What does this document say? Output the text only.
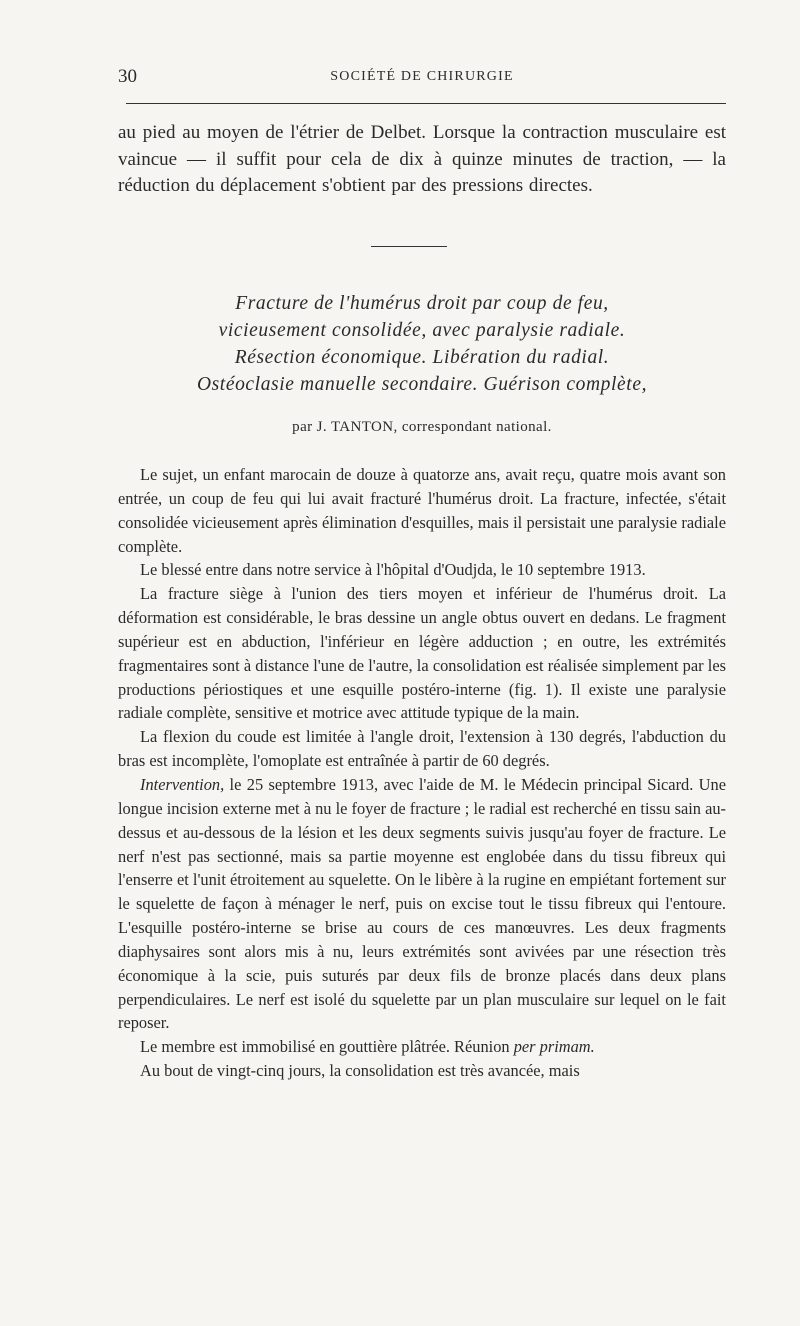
30	SOCIÉTÉ DE CHIRURGIE

au pied au moyen de l'étrier de Delbet. Lorsque la contraction musculaire est vaincue — il suffit pour cela de dix à quinze minutes de traction, — la réduction du déplacement s'obtient par des pressions directes.

Fracture de l'humérus droit par coup de feu,
vicieusement consolidée, avec paralysie radiale.
Résection économique. Libération du radial.
Ostéoclasie manuelle secondaire. Guérison complète,
par J. TANTON, correspondant national.

Le sujet, un enfant marocain de douze à quatorze ans, avait reçu, quatre mois avant son entrée, un coup de feu qui lui avait fracturé l'humérus droit. La fracture, infectée, s'était consolidée vicieusement après élimination d'esquilles, mais il persistait une paralysie radiale complète.

Le blessé entre dans notre service à l'hôpital d'Oudjda, le 10 septembre 1913.

La fracture siège à l'union des tiers moyen et inférieur de l'humérus droit. La déformation est considérable, le bras dessine un angle obtus ouvert en dedans. Le fragment supérieur est en abduction, l'inférieur en légère adduction ; en outre, les extrémités fragmentaires sont à distance l'une de l'autre, la consolidation est réalisée simplement par les productions périostiques et une esquille postéro-interne (fig. 1). Il existe une paralysie radiale complète, sensitive et motrice avec attitude typique de la main.

La flexion du coude est limitée à l'angle droit, l'extension à 130 degrés, l'abduction du bras est incomplète, l'omoplate est entraînée à partir de 60 degrés.

Intervention, le 25 septembre 1913, avec l'aide de M. le Médecin principal Sicard. Une longue incision externe met à nu le foyer de fracture ; le radial est recherché en tissu sain au-dessus et au-dessous de la lésion et les deux segments suivis jusqu'au foyer de fracture. Le nerf n'est pas sectionné, mais sa partie moyenne est englobée dans du tissu fibreux qui l'enserre et l'unit étroitement au squelette. On le libère à la rugine en empiétant fortement sur le squelette de façon à ménager le nerf, puis on excise tout le tissu fibreux qui l'entoure. L'esquille postéro-interne se brise au cours de ces manœuvres. Les deux fragments diaphysaires sont alors mis à nu, leurs extrémités sont avivées par une résection très économique à la scie, puis suturés par deux fils de bronze placés dans deux plans perpendiculaires. Le nerf est isolé du squelette par un plan musculaire sur lequel on le fait reposer.

Le membre est immobilisé en gouttière plâtrée. Réunion per primam.

Au bout de vingt-cinq jours, la consolidation est très avancée, mais
